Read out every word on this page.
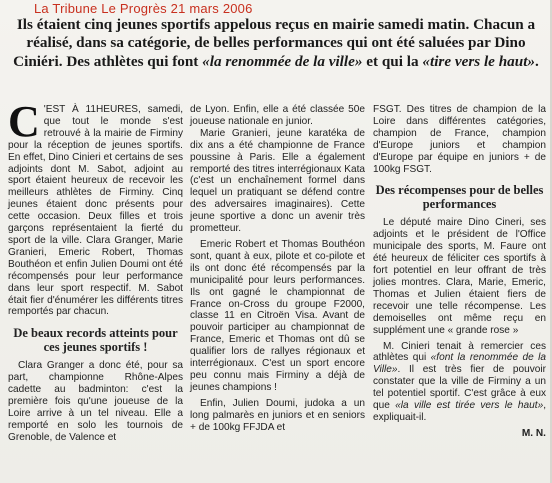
La Tribune Le Progrès 21 mars 2006
Ils étaient cinq jeunes sportifs appelous reçus en mairie samedi matin. Chacun a réalisé, dans sa catégorie, de belles performances qui ont été saluées par Dino Ciniéri. Des athlètes qui font «la renommée de la ville» et qui la «tire vers le haut».

C 'EST À 11HEURES, samedi, que tout le monde s'est retrouvé à la mairie de Firminy pour la réception de jeunes sportifs. En effet, Dino Cinieri et certains de ses adjoints dont M. Sabot, adjoint au sport étaient heureux de recevoir les meilleurs athlètes de Firminy. Cinq jeunes étaient donc présents pour cette occasion. Deux filles et trois garçons représentaient la fierté du sport de la ville. Clara Granger, Marie Granieri, Emeric Robert, Thomas Bouthéon et enfin Julien Doumi ont été récompensés pour leur performance dans leur sport respectif. M. Sabot était fier d'énumérer les différents titres remportés par chacun.

De beaux records atteints pour ces jeunes sportifs !

Clara Granger a donc été, pour sa part, championne Rhône-Alpes cadette au badminton: c'est la première fois qu'une joueuse de la Loire arrive à un tel niveau. Elle a remporté en solo les tournois de Grenoble, de Valence et

de Lyon. Enfin, elle a été classée 50e joueuse nationale en junior.

Marie Granieri, jeune karatéka de dix ans a été championne de France poussine à Paris. Elle a également remporté des titres interrégionaux Kata (c'est un enchaînement formel dans lequel un pratiquant se défend contre des adversaires imaginaires). Cette jeune sportive a donc un avenir très prometteur.

Emeric Robert et Thomas Bouthéon sont, quant à eux, pilote et co-pilote et ils ont donc été récompensés par la municipalité pour leurs performances. Ils ont gagné le championnat de France on-Cross du groupe F2000, classe 11 en Citroën Visa. Avant de pouvoir participer au championnat de France, Emeric et Thomas ont dû se qualifier lors de rallyes régionaux et interrégionaux. C'est un sport encore peu connu mais Firminy a déjà de jeunes champions !

Enfin, Julien Doumi, judoka a un long palmarès en juniors et en seniors + de 100kg FFJDA et

FSGT. Des titres de champion de la Loire dans différentes catégories, champion de France, champion d'Europe juniors et champion d'Europe par équipe en juniors + de 100kg FSGT.

Des récompenses pour de belles performances

Le député maire Dino Cineri, ses adjoints et le président de l'Office municipale des sports, M. Faure ont été heureux de féliciter ces sportifs à fort potentiel en leur offrant de très jolies montres. Clara, Marie, Emeric, Thomas et Julien étaient fiers de recevoir une telle récompense. Les demoiselles ont même reçu en supplément une « grande rose »

M. Cinieri tenait à remercier ces athlètes qui «font la renommée de la Ville». Il est très fier de pouvoir constater que la ville de Firminy a un tel potentiel sportif. C'est grâce à eux que «la ville est tirée vers le haut», expliquait-il.

M. N.
